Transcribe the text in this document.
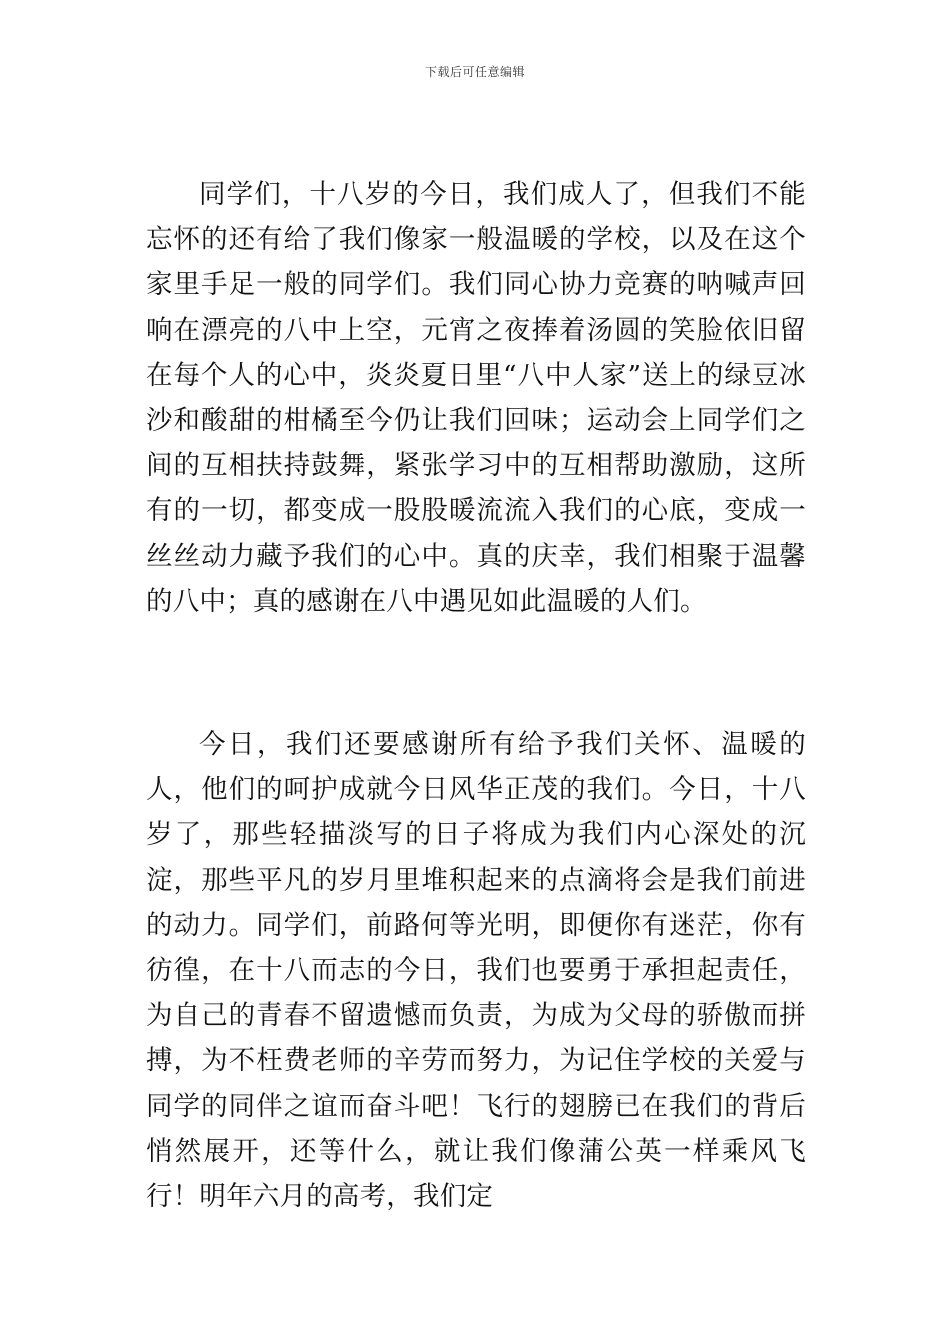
下载后可任意编辑

同学们，十八岁的今日，我们成人了，但我们不能忘怀的还有给了我们像家一般温暖的学校，以及在这个家里手足一般的同学们。我们同心协力竞赛的呐喊声回响在漂亮的八中上空，元宵之夜捧着汤圆的笑脸依旧留在每个人的心中，炎炎夏日里“八中人家”送上的绿豆冰沙和酸甜的柑橘至今仍让我们回味；运动会上同学们之间的互相扶持鼓舞，紧张学习中的互相帮助激励，这所有的一切，都变成一股股暖流流入我们的心底，变成一丝丝动力藏予我们的心中。真的庆幸，我们相聚于温馨的八中；真的感谢在八中遇见如此温暖的人们。

今日，我们还要感谢所有给予我们关怀、温暖的人，他们的呵护成就今日风华正茂的我们。今日，十八岁了，那些轻描淡写的日子将成为我们内心深处的沉淀，那些平凡的岁月里堆积起来的点滴将会是我们前进的动力。同学们，前路何等光明，即便你有迷茫，你有彷徨，在十八而志的今日，我们也要勇于承担起责任，为自己的青春不留遗憾而负责，为成为父母的骄傲而拼搏，为不枉费老师的辛劳而努力，为记住学校的关爱与同学的同伴之谊而奋斗吧！飞行的翅膀已在我们的背后悄然展开，还等什么，就让我们像蒲公英一样乘风飞行！明年六月的高考，我们定
